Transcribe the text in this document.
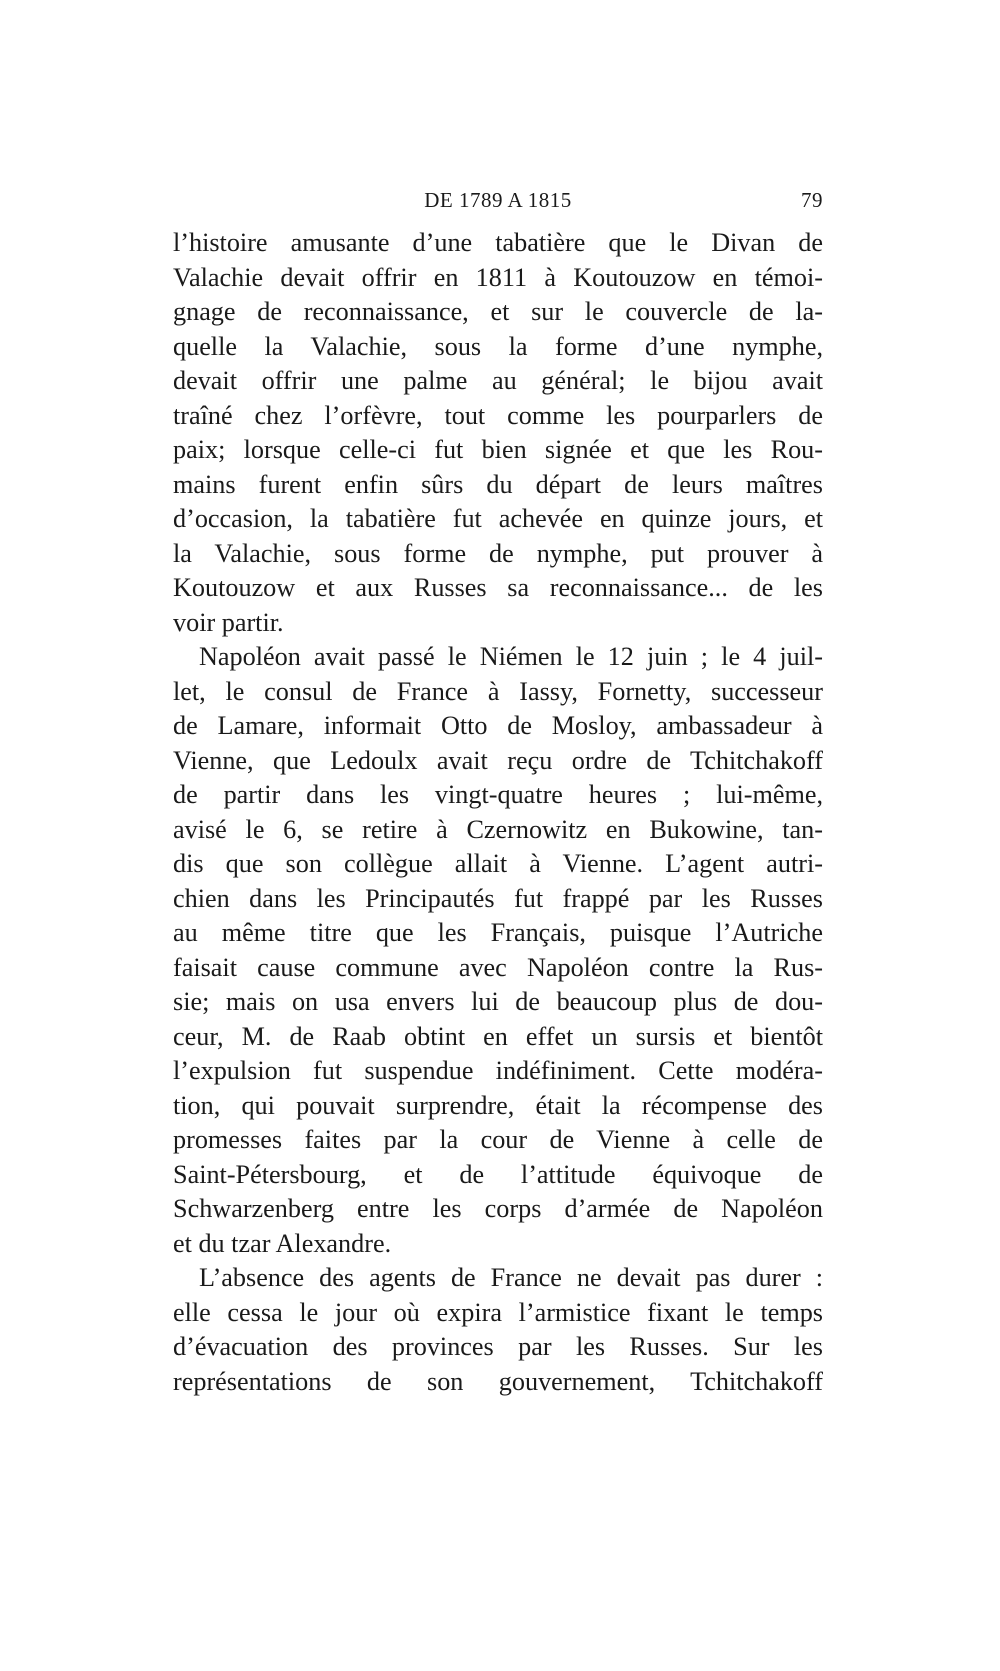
DE 1789 A 1815	79
l’histoire amusante d’une tabatière que le Divan de
Valachie devait offrir en 1811 à Koutouzow en témoi-
gnage de reconnaissance, et sur le couvercle de la-
quelle la Valachie, sous la forme d’une nymphe,
devait offrir une palme au général; le bijou avait
traîné chez l’orfèvre, tout comme les pourparlers de
paix; lorsque celle-ci fut bien signée et que les Rou-
mains furent enfin sûrs du départ de leurs maîtres
d’occasion, la tabatière fut achevée en quinze jours, et
la Valachie, sous forme de nymphe, put prouver à
Koutouzow et aux Russes sa reconnaissance... de les
voir partir.
Napoléon avait passé le Niémen le 12 juin ; le 4 juil-
let, le consul de France à Iassy, Fornetty, successeur
de Lamare, informait Otto de Mosloy, ambassadeur à
Vienne, que Ledoulx avait reçu ordre de Tchitchakoff
de partir dans les vingt-quatre heures ; lui-même,
avisé le 6, se retire à Czernowitz en Bukowine, tan-
dis que son collègue allait à Vienne. L’agent autri-
chien dans les Principautés fut frappé par les Russes
au même titre que les Français, puisque l’Autriche
faisait cause commune avec Napoléon contre la Rus-
sie; mais on usa envers lui de beaucoup plus de dou-
ceur, M. de Raab obtint en effet un sursis et bientôt
l’expulsion fut suspendue indéfiniment. Cette modéra-
tion, qui pouvait surprendre, était la récompense des
promesses faites par la cour de Vienne à celle de
Saint-Pétersbourg, et de l’attitude équivoque de
Schwarzenberg entre les corps d’armée de Napoléon
et du tzar Alexandre.
L’absence des agents de France ne devait pas durer :
elle cessa le jour où expira l’armistice fixant le temps
d’évacuation des provinces par les Russes. Sur les
représentations de son gouvernement, Tchitchakoff
